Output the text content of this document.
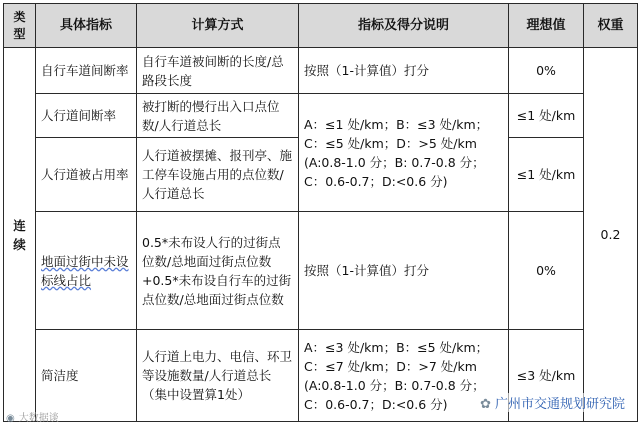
类型	具体指标	计算方式	指标及得分说明	理想值	权重
连续	自行车道间断率	自行车道被间断的长度/总路段长度	按照（1-计算值）打分	0%	0.2
	人行道间断率	被打断的慢行出入口点位数/人行道总长	A：≤1 处/km；B：≤3 处/km；C：≤5 处/km；D：>5 处/km (A:0.8-1.0 分；B: 0.7-0.8 分；C：0.6-0.7；D:<0.6 分)	≤1 处/km	
	人行道被占用率	人行道被摆摊、报刊亭、施工停车设施占用的点位数/人行道总长		≤1 处/km	
	地面过街中未设标线占比	0.5*未布设人行的过街点位数/总地面过街点位数+0.5*未布设自行车的过街点位数/总地面过街点位数	按照（1-计算值）打分	0%	
	简洁度	人行道上电力、电信、环卫等设施数量/人行道总长（集中设置算1处）	A：≤3 处/km；B：≤5 处/km；C：≤7 处/km；D：>7 处/km (A:0.8-1.0 分；B: 0.7-0.8 分；C：0.6-0.7；D:<0.6 分)	≤3 处/km	
◉ 大数据谈
✿ 广州市交通规划研究院
